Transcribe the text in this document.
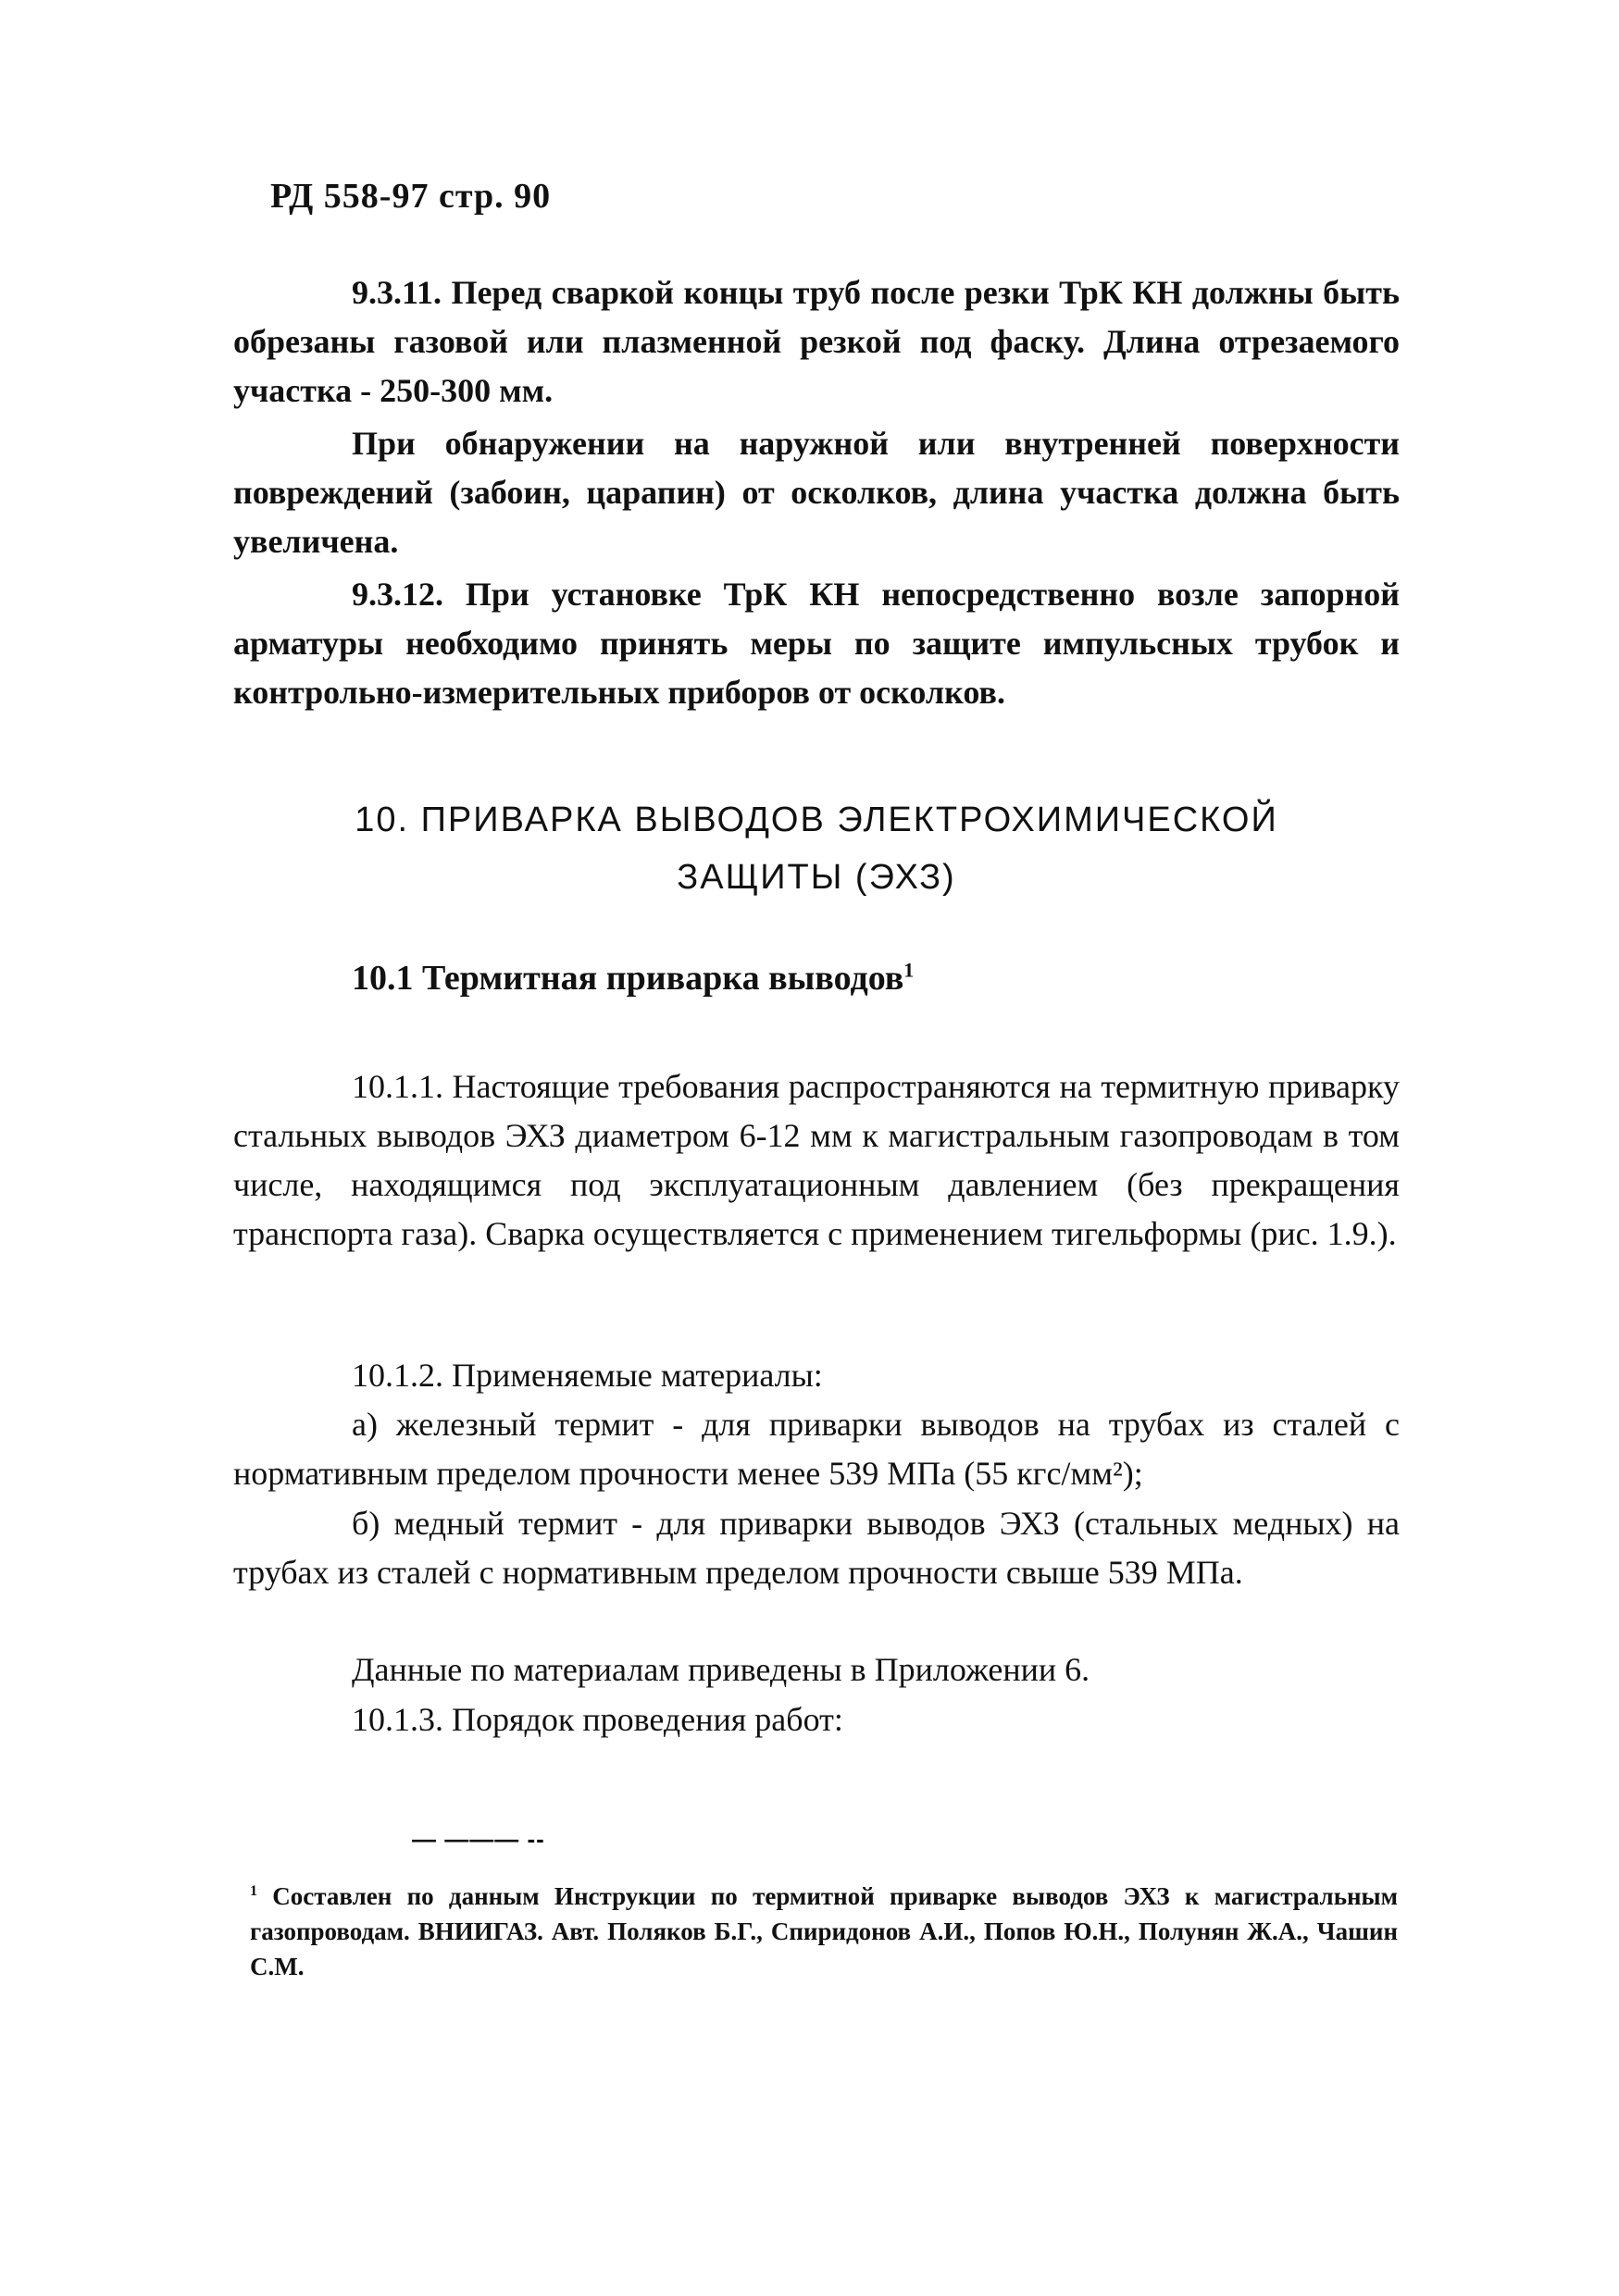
РД 558-97 стр. 90

9.3.11. Перед сваркой концы труб после резки ТрК КН должны быть обрезаны газовой или плазменной резкой под фаску. Длина отрезаемого участка - 250-300 мм.

При обнаружении на наружной или внутренней поверхности повреждений (забоин, царапин) от осколков, длина участка должна быть увеличена.

9.3.12. При установке ТрК КН непосредственно возле запорной арматуры необходимо принять меры по защите импульсных трубок и контрольно-измерительных приборов от осколков.

10. ПРИВАРКА ВЫВОДОВ ЭЛЕКТРОХИМИЧЕСКОЙ
ЗАЩИТЫ (ЭХЗ)
10.1 Термитная приварка выводов$^1$

10.1.1. Настоящие требования распространяются на термитную приварку стальных выводов ЭХЗ диаметром 6-12 мм к магистральным газопроводам в том числе, находящимся под эксплуатационным давлением (без прекращения транспорта газа). Сварка осуществляется с применением тигельформы (рис. 1.9.).

10.1.2. Применяемые материалы:

а) железный термит - для приварки выводов на трубах из сталей с нормативным пределом прочности менее 539 МПа (55 кгс/мм²);

б) медный термит - для приварки выводов ЭХЗ (стальных медных) на трубах из сталей с нормативным пределом прочности свыше 539 МПа.

Данные по материалам приведены в Приложении 6.

10.1.3. Порядок проведения работ:

— ——— --

$^1$ Составлен по данным Инструкции по термитной приварке выводов ЭХЗ к магистральным газопроводам. ВНИИГАЗ. Авт. Поляков Б.Г., Спиридонов А.И., Попов Ю.Н., Полунян Ж.А., Чашин С.М.
